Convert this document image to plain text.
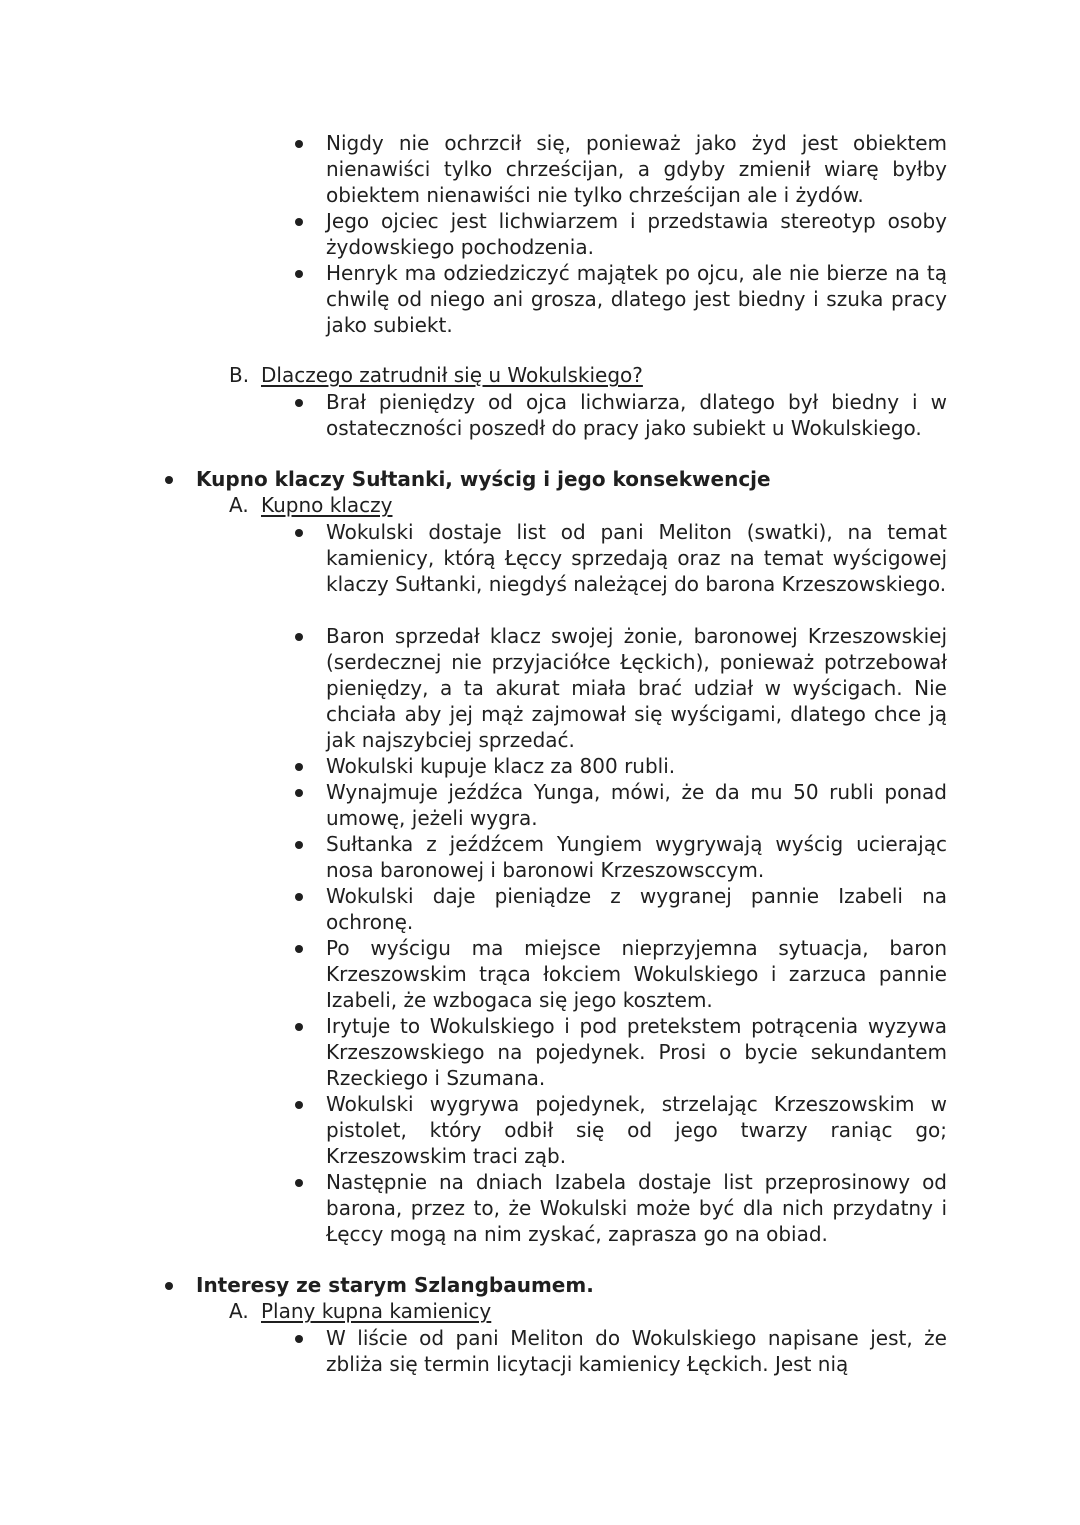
Nigdy nie ochrzcił się, ponieważ jako żyd jest obiektem nienawiści tylko chrześcijan, a gdyby zmienił wiarę byłby obiektem nienawiści nie tylko chrześcijan ale i żydów.
Jego ojciec jest lichwiarzem i przedstawia stereotyp osoby żydowskiego pochodzenia.
Henryk ma odziedziczyć majątek po ojcu, ale nie bierze na tą chwilę od niego ani grosza, dlatego jest biedny i szuka pracy jako subiekt.
B. Dlaczego zatrudnił się u Wokulskiego?
Brał pieniędzy od ojca lichwiarza, dlatego był biedny i w ostateczności poszedł do pracy jako subiekt u Wokulskiego.
Kupno klaczy Sułtanki, wyścig i jego konsekwencje
A. Kupno klaczy
Wokulski dostaje list od pani Meliton (swatki), na temat kamienicy, którą Łęccy sprzedają oraz na temat wyścigowej klaczy Sułtanki, niegdyś należącej do barona Krzeszowskiego.
Baron sprzedał klacz swojej żonie, baronowej Krzeszowskiej (serdecznej nie przyjaciółce Łęckich), ponieważ potrzebował pieniędzy, a ta akurat miała brać udział w wyścigach. Nie chciała aby jej mąż zajmował się wyścigami, dlatego chce ją jak najszybciej sprzedać.
Wokulski kupuje klacz za 800 rubli.
Wynajmuje jeźdźca Yunga, mówi, że da mu 50 rubli ponad umowę, jeżeli wygra.
Sułtanka z jeźdźcem Yungiem wygrywają wyścig ucierając nosa baronowej i baronowi Krzeszowsccym.
Wokulski daje pieniądze z wygranej pannie Izabeli na ochronę.
Po wyścigu ma miejsce nieprzyjemna sytuacja, baron Krzeszowskim trąca łokciem Wokulskiego i zarzuca pannie Izabeli, że wzbogaca się jego kosztem.
Irytuje to Wokulskiego i pod pretekstem potrącenia wyzywa Krzeszowskiego na pojedynek. Prosi o bycie sekundantem Rzeckiego i Szumana.
Wokulski wygrywa pojedynek, strzelając Krzeszowskim w pistolet, który odbił się od jego twarzy raniąc go; Krzeszowskim traci ząb.
Następnie na dniach Izabela dostaje list przeprosinowy od barona, przez to, że Wokulski może być dla nich przydatny i Łęccy mogą na nim zyskać, zaprasza go na obiad.
Interesy ze starym Szlangbaumem.
A. Plany kupna kamienicy
W liście od pani Meliton do Wokulskiego napisane jest, że zbliża się termin licytacji kamienicy Łęckich. Jest nią
